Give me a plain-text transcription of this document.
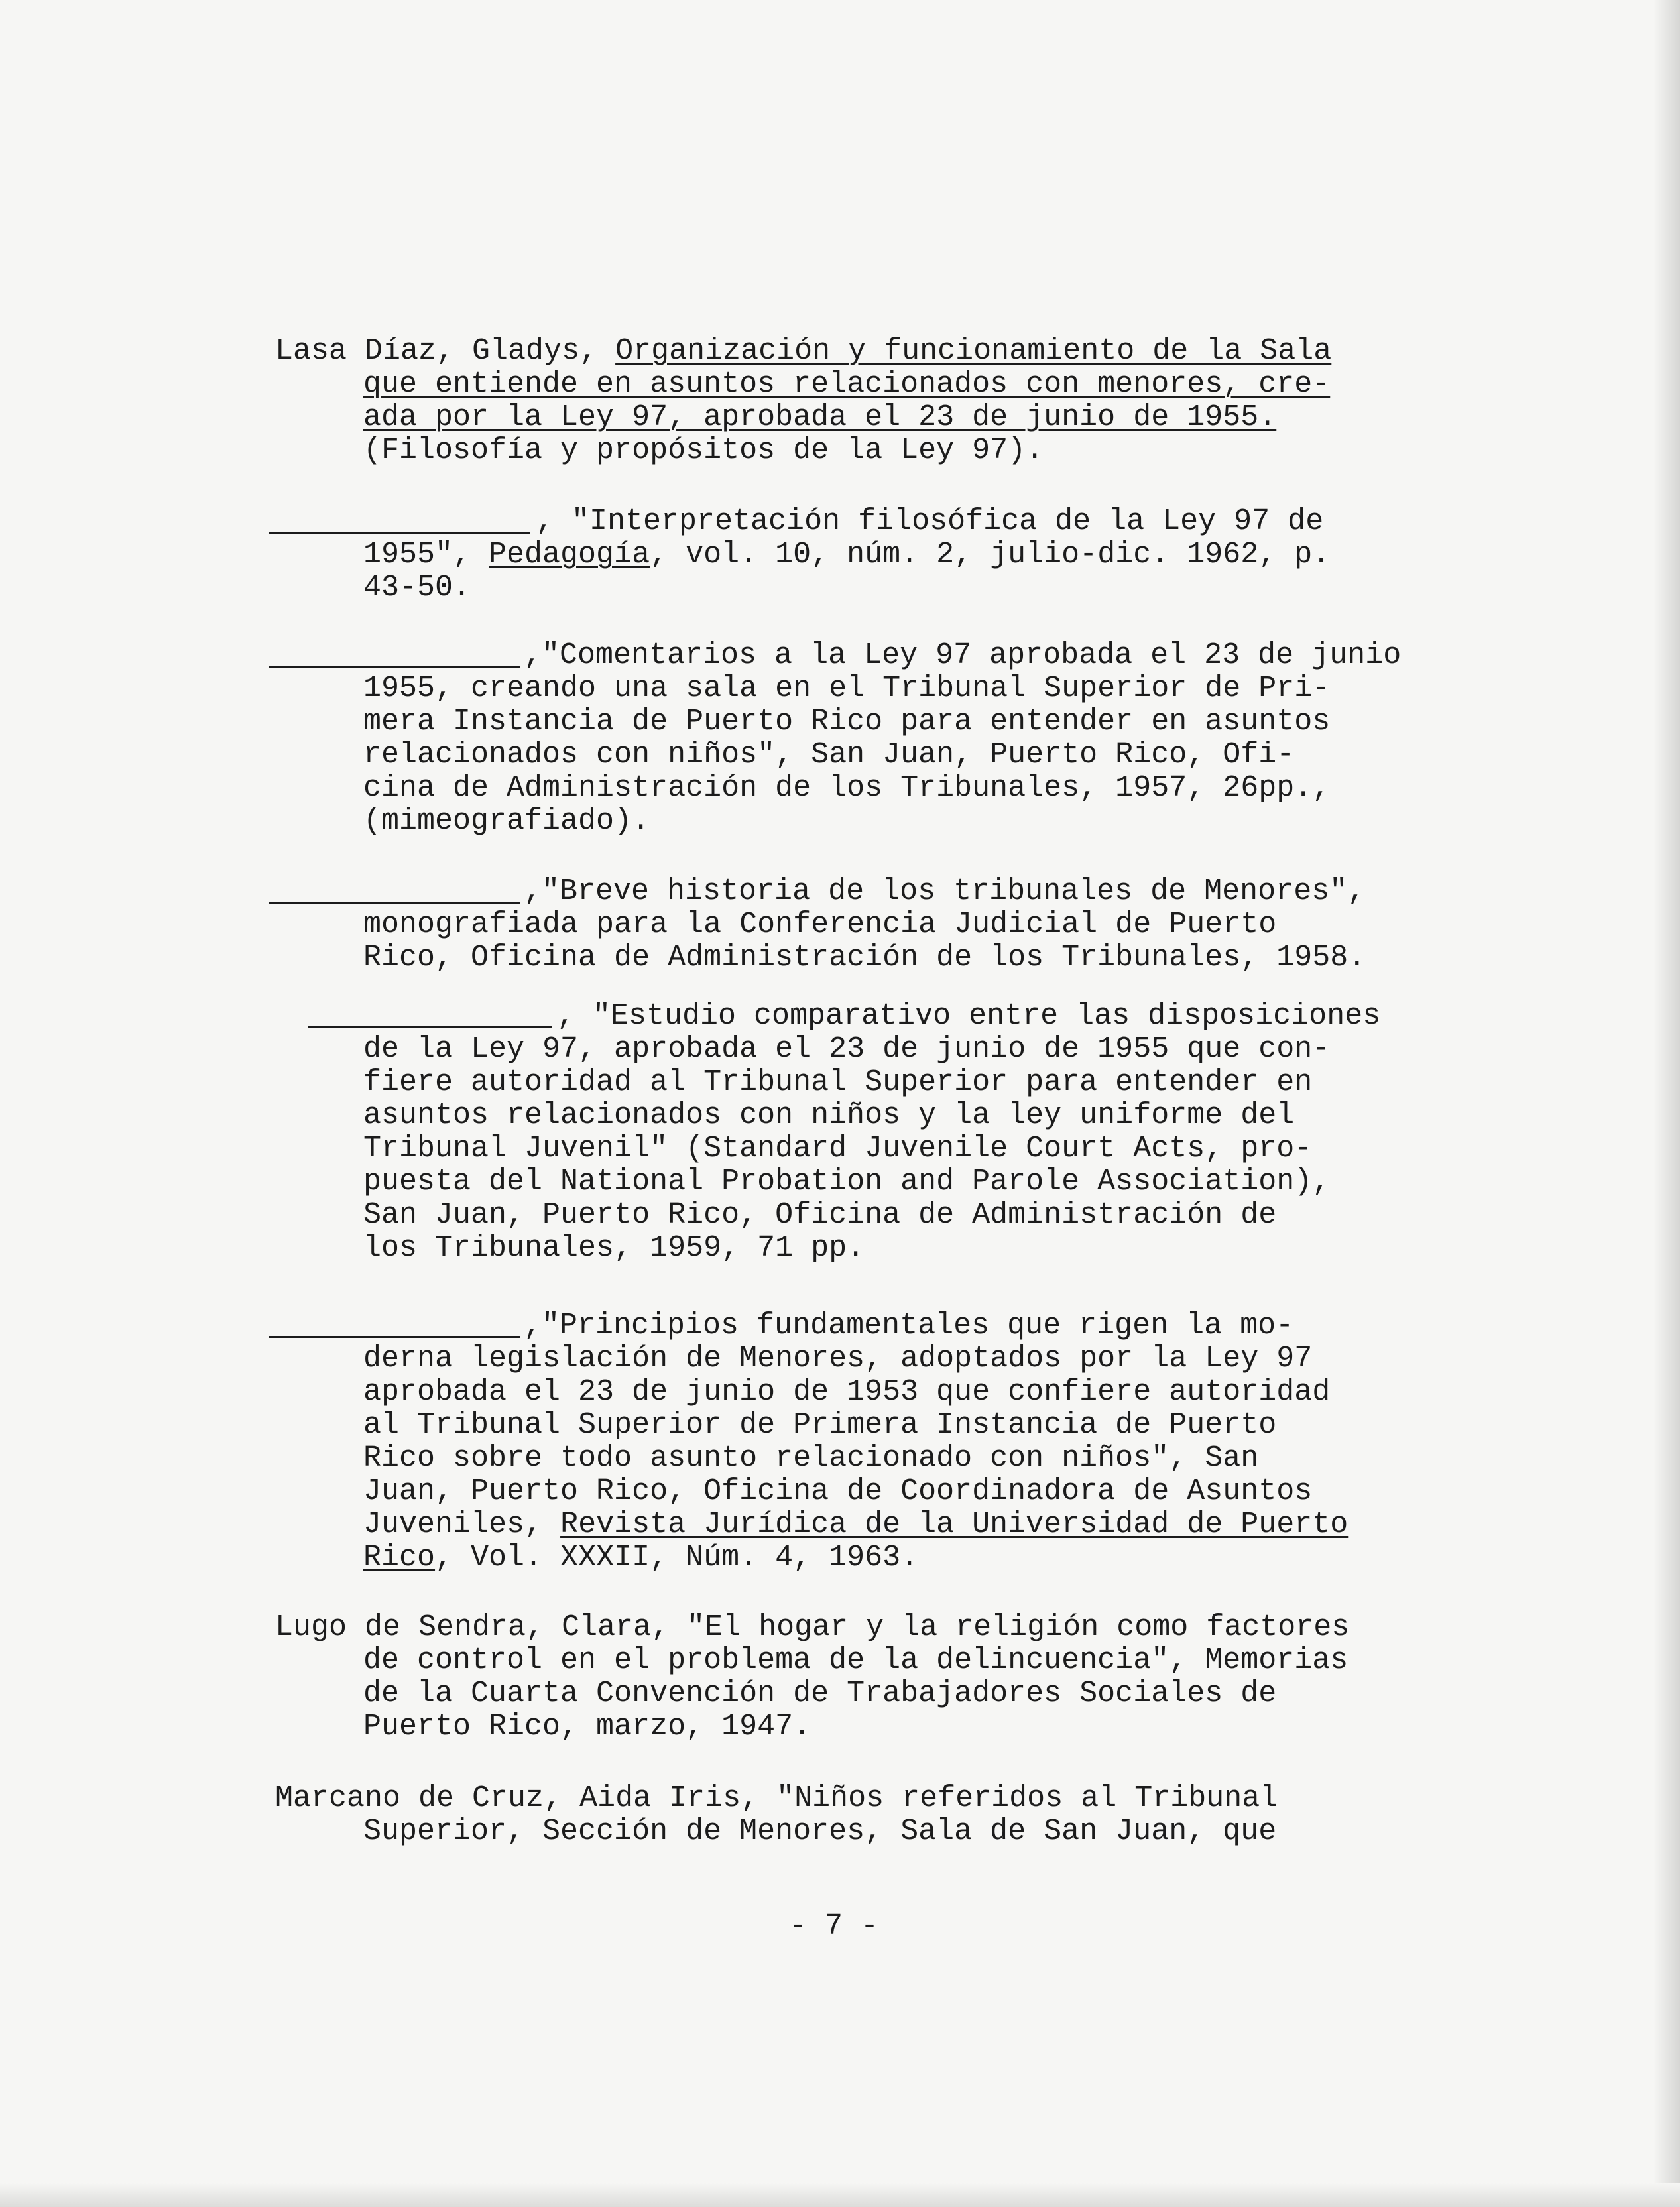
Lasa Díaz, Gladys, Organización y funcionamiento de la Sala
que entiende en asuntos relacionados con menores, cre-
ada por la Ley 97, aprobada el 23 de junio de 1955.
(Filosofía y propósitos de la Ley 97).
, "Interpretación filosófica de la Ley 97 de
1955", Pedagogía, vol. 10, núm. 2, julio-dic. 1962, p.
43-50.
,"Comentarios a la Ley 97 aprobada el 23 de junio
1955, creando una sala en el Tribunal Superior de Pri-
mera Instancia de Puerto Rico para entender en asuntos
relacionados con niños", San Juan, Puerto Rico, Ofi-
cina de Administración de los Tribunales, 1957, 26pp.,
(mimeografiado).
,"Breve historia de los tribunales de Menores",
monografiada para la Conferencia Judicial de Puerto
Rico, Oficina de Administración de los Tribunales, 1958.
, "Estudio comparativo entre las disposiciones
de la Ley 97, aprobada el 23 de junio de 1955 que con-
fiere autoridad al Tribunal Superior para entender en
asuntos relacionados con niños y la ley uniforme del
Tribunal Juvenil" (Standard Juvenile Court Acts, pro-
puesta del National Probation and Parole Association),
San Juan, Puerto Rico, Oficina de Administración de
los Tribunales, 1959, 71 pp.
,"Principios fundamentales que rigen la mo-
derna legislación de Menores, adoptados por la Ley 97
aprobada el 23 de junio de 1953 que confiere autoridad
al Tribunal Superior de Primera Instancia de Puerto
Rico sobre todo asunto relacionado con niños", San
Juan, Puerto Rico, Oficina de Coordinadora de Asuntos
Juveniles, Revista Jurídica de la Universidad de Puerto
Rico, Vol. XXXII, Núm. 4, 1963.
Lugo de Sendra, Clara, "El hogar y la religión como factores
de control en el problema de la delincuencia", Memorias
de la Cuarta Convención de Trabajadores Sociales de
Puerto Rico, marzo, 1947.
Marcano de Cruz, Aida Iris, "Niños referidos al Tribunal
Superior, Sección de Menores, Sala de San Juan, que
- 7 -
